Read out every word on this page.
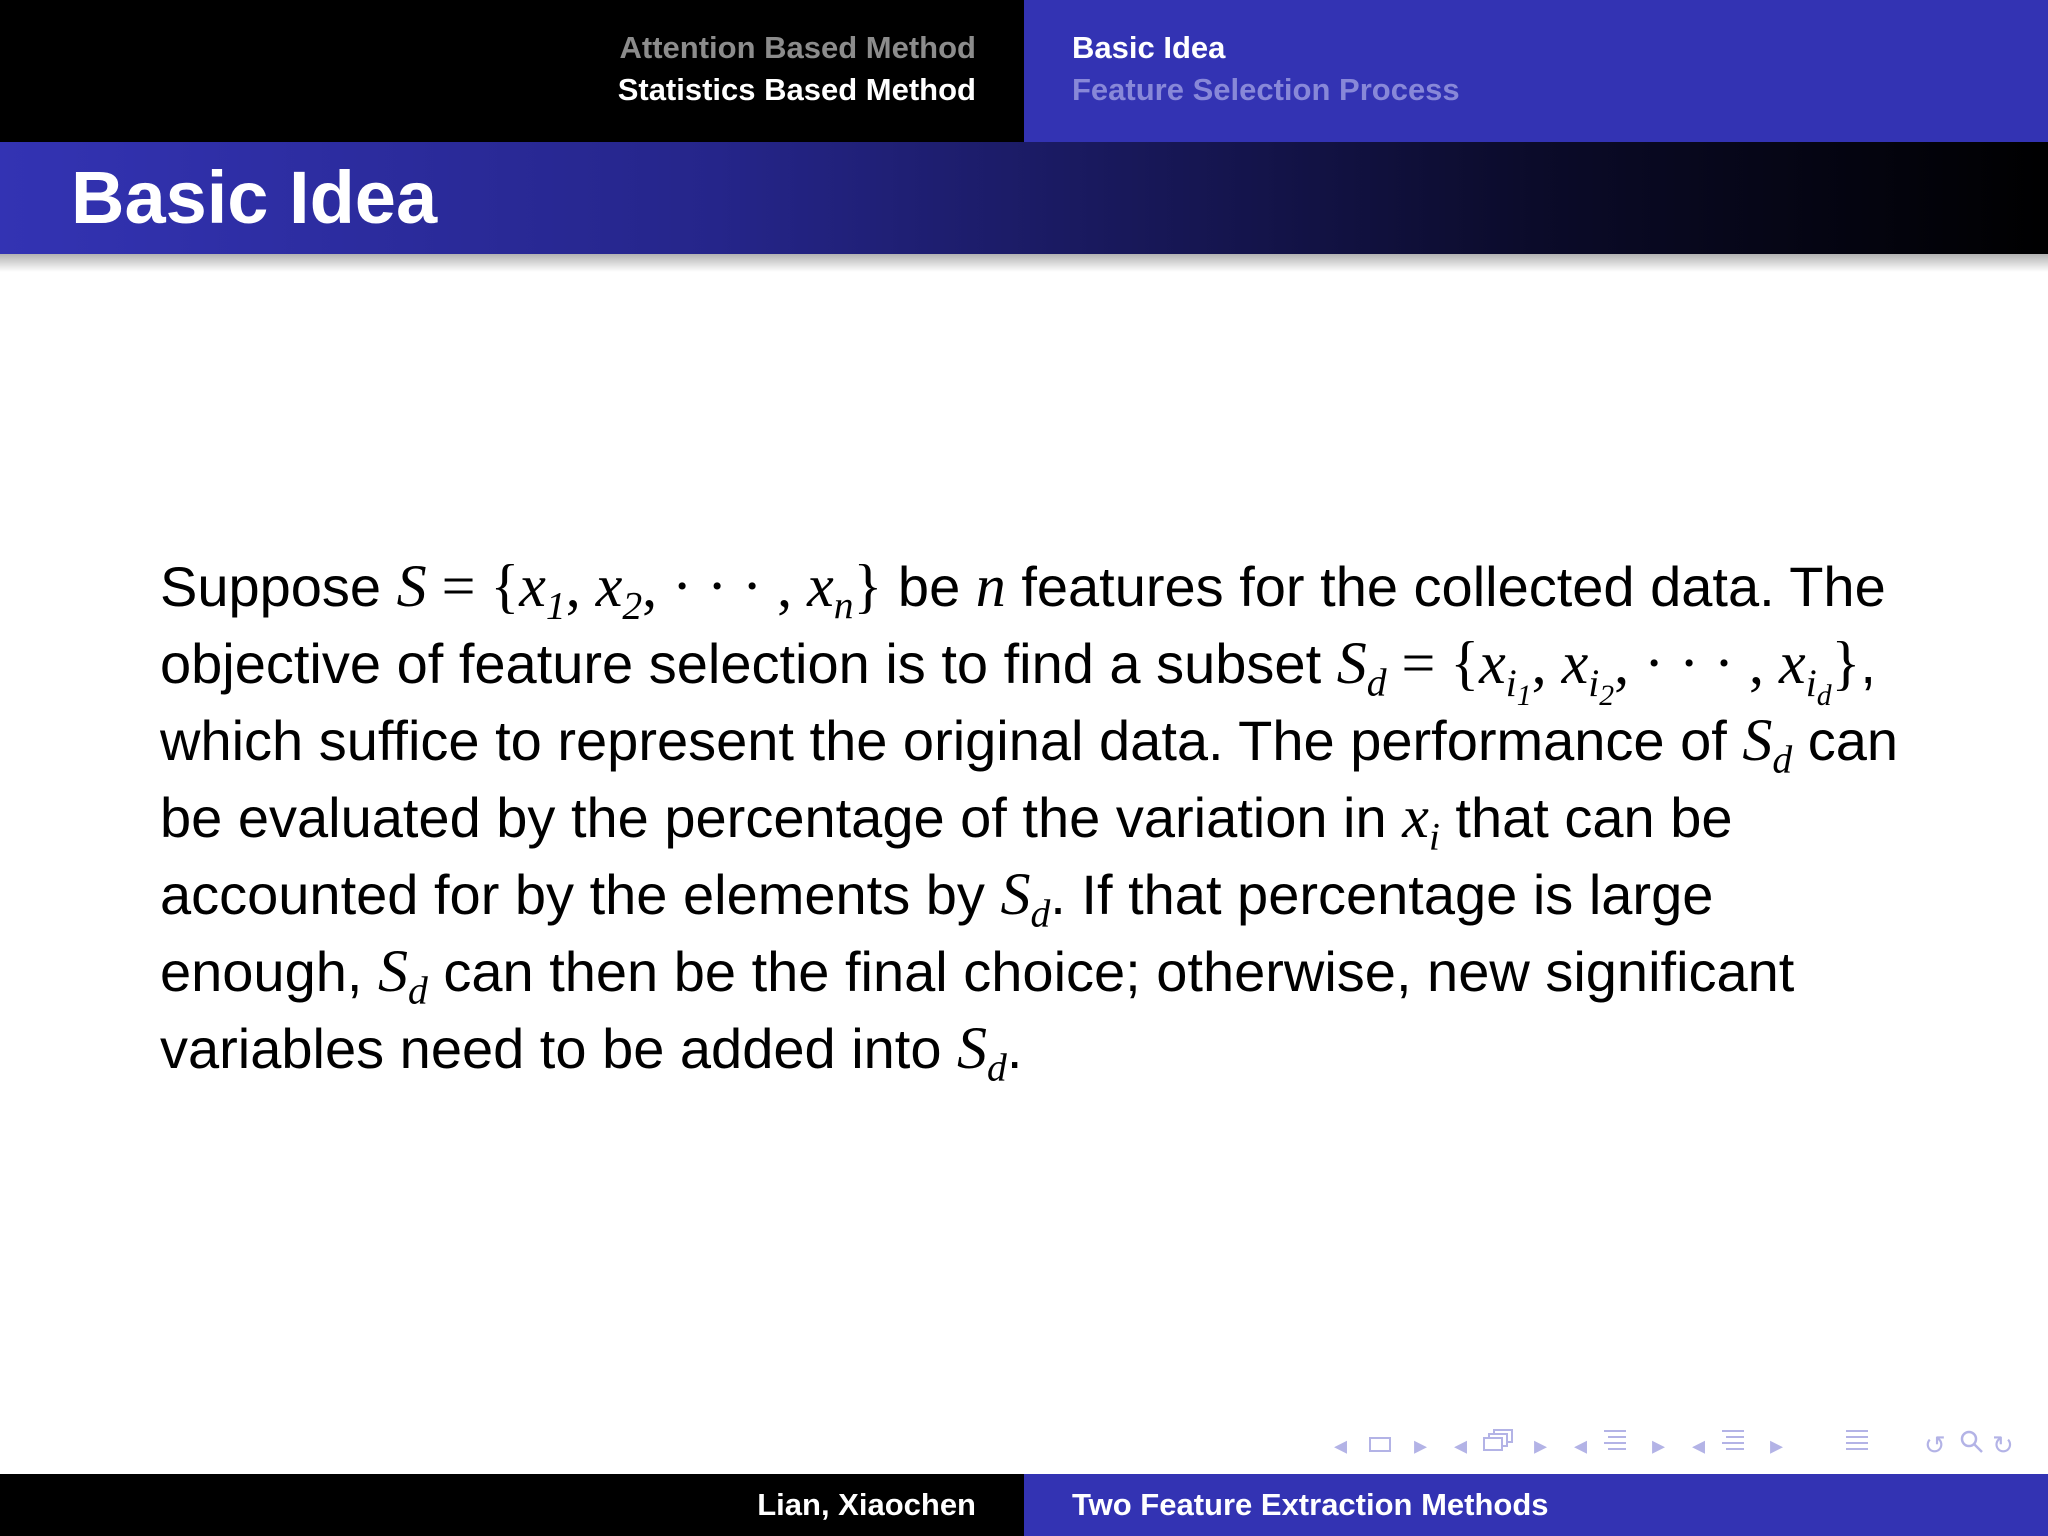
Attention Based Method
Statistics Based Method
Basic Idea
Feature Selection Process
Basic Idea

Suppose $S = \{x_1$, $x_2$, · · · , $x_n$} be n features for the collected data. The objective of feature selection is to find a subset $S_d = \{x_{i_1}$, $x_{i_2}$, · · · , $x_{i_d}$}, which suffice to represent the original data. The performance of $S_d$ can be evaluated by the percentage of the variation in $x_i$ that can be accounted for by the elements by $S_d$. If that percentage is large enough, $S_d$ can then be the final choice; otherwise, new significant variables need to be added into $S_d$.

◂	▸ ◂	▸ ◂ ▸ ◂ ▸	↺ ↻
Lian, Xiaochen	Two Feature Extraction Methods
